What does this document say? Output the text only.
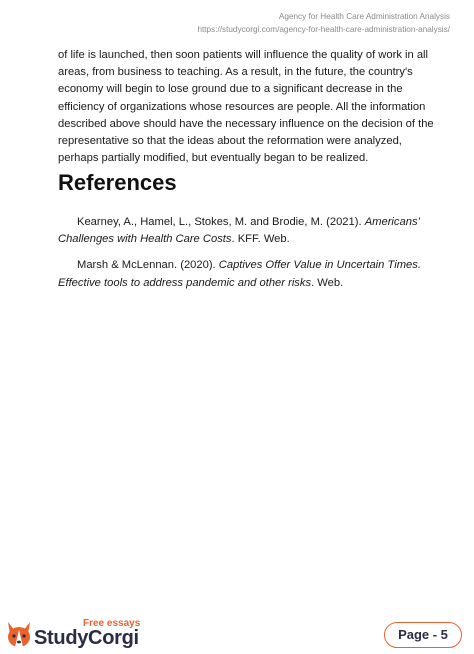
Agency for Health Care Administration Analysis
https://studycorgi.com/agency-for-health-care-administration-analysis/

of life is launched, then soon patients will influence the quality of work in all areas, from business to teaching. As a result, in the future, the country's economy will begin to lose ground due to a significant decrease in the efficiency of organizations whose resources are people. All the information described above should have the necessary influence on the decision of the representative so that the ideas about the reformation were analyzed, perhaps partially modified, but eventually began to be realized.

References

Kearney, A., Hamel, L., Stokes, M. and Brodie, M. (2021). Americans’ Challenges with Health Care Costs. KFF. Web.

Marsh & McLennan. (2020). Captives Offer Value in Uncertain Times. Effective tools to address pandemic and other risks. Web.

Free essays
StudyCorgi	Page - 5
